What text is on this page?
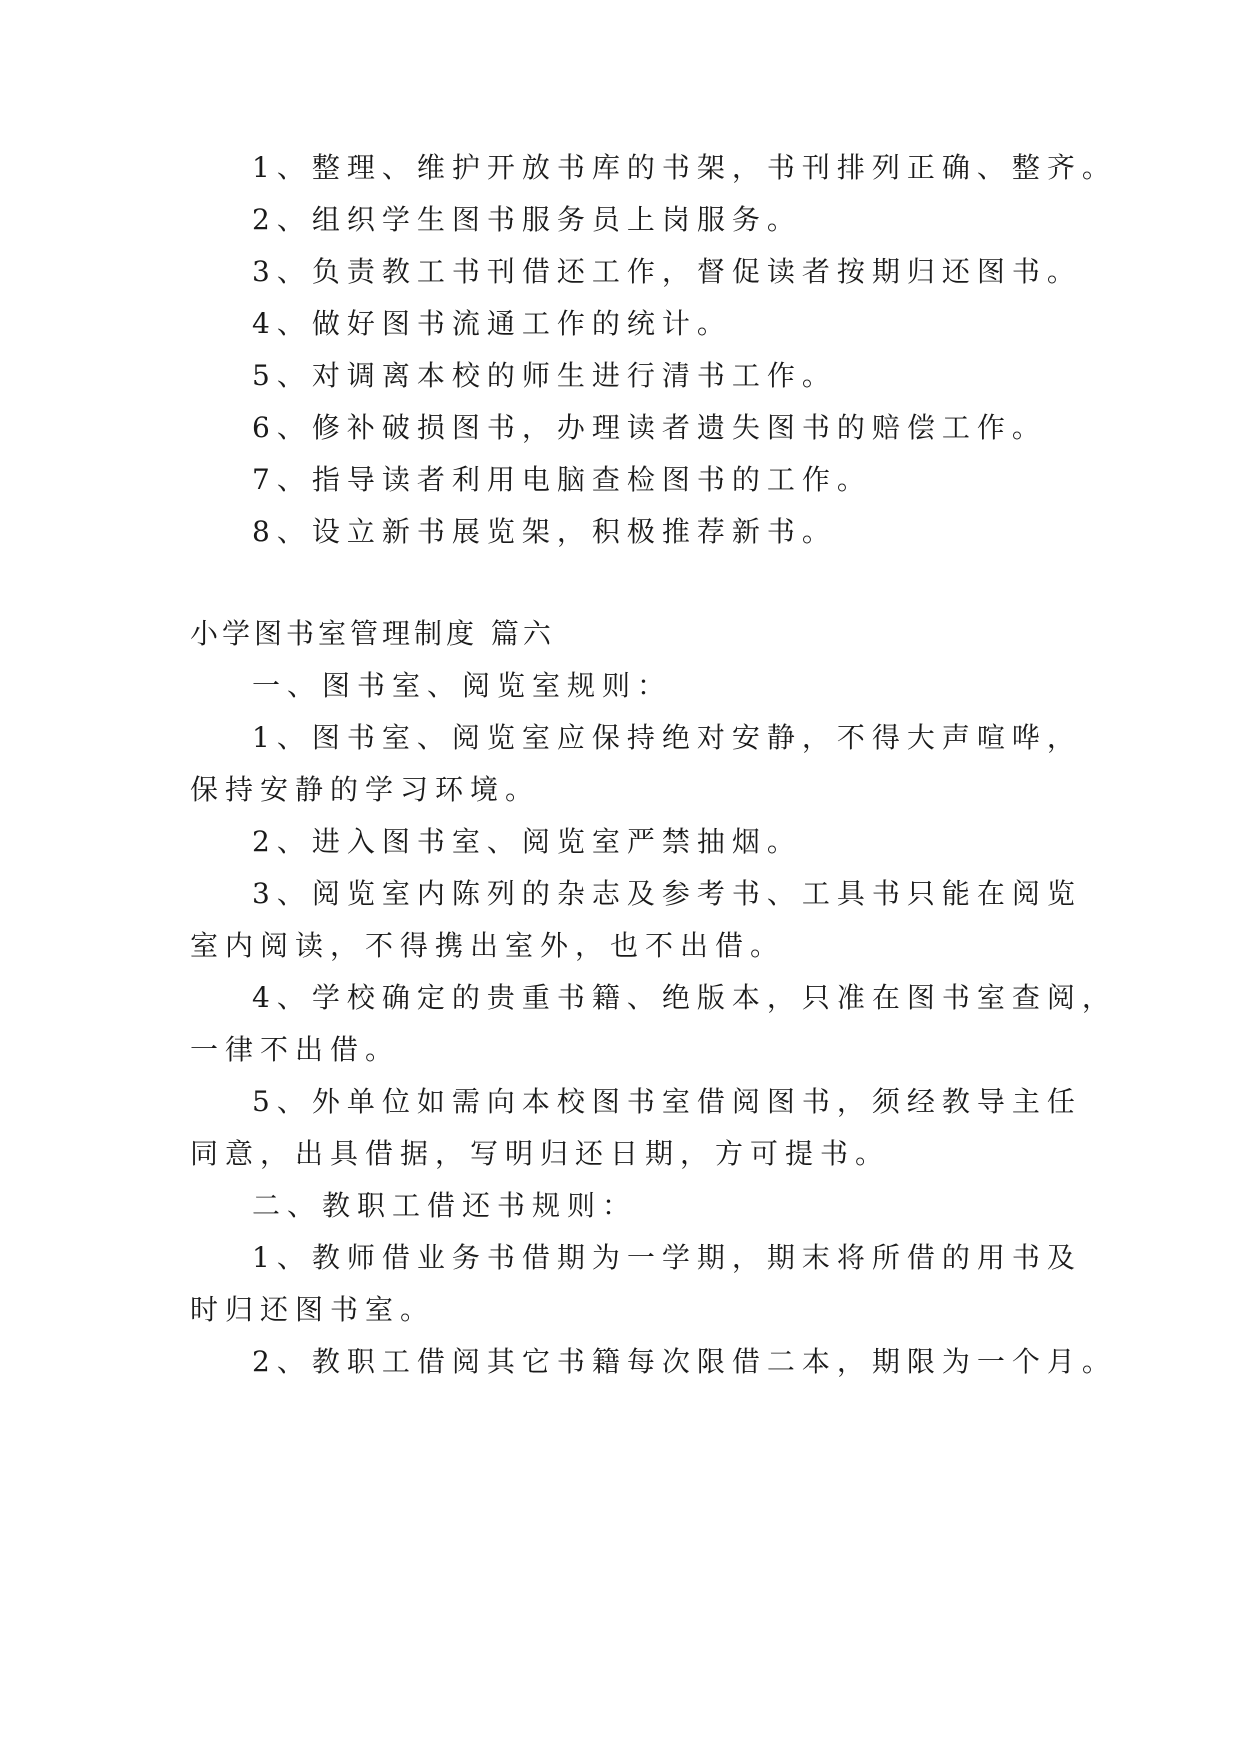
1、整理、维护开放书库的书架，书刊排列正确、整齐。
2、组织学生图书服务员上岗服务。
3、负责教工书刊借还工作，督促读者按期归还图书。
4、做好图书流通工作的统计。
5、对调离本校的师生进行清书工作。
6、修补破损图书，办理读者遗失图书的赔偿工作。
7、指导读者利用电脑查检图书的工作。
8、设立新书展览架，积极推荐新书。
小学图书室管理制度 篇六
一、图书室、阅览室规则：
1、图书室、阅览室应保持绝对安静，不得大声喧哗，
保持安静的学习环境。
2、进入图书室、阅览室严禁抽烟。
3、阅览室内陈列的杂志及参考书、工具书只能在阅览
室内阅读，不得携出室外，也不出借。
4、学校确定的贵重书籍、绝版本，只准在图书室查阅，
一律不出借。
5、外单位如需向本校图书室借阅图书，须经教导主任
同意，出具借据，写明归还日期，方可提书。
二、教职工借还书规则：
1、教师借业务书借期为一学期，期末将所借的用书及
时归还图书室。
2、教职工借阅其它书籍每次限借二本，期限为一个月。
